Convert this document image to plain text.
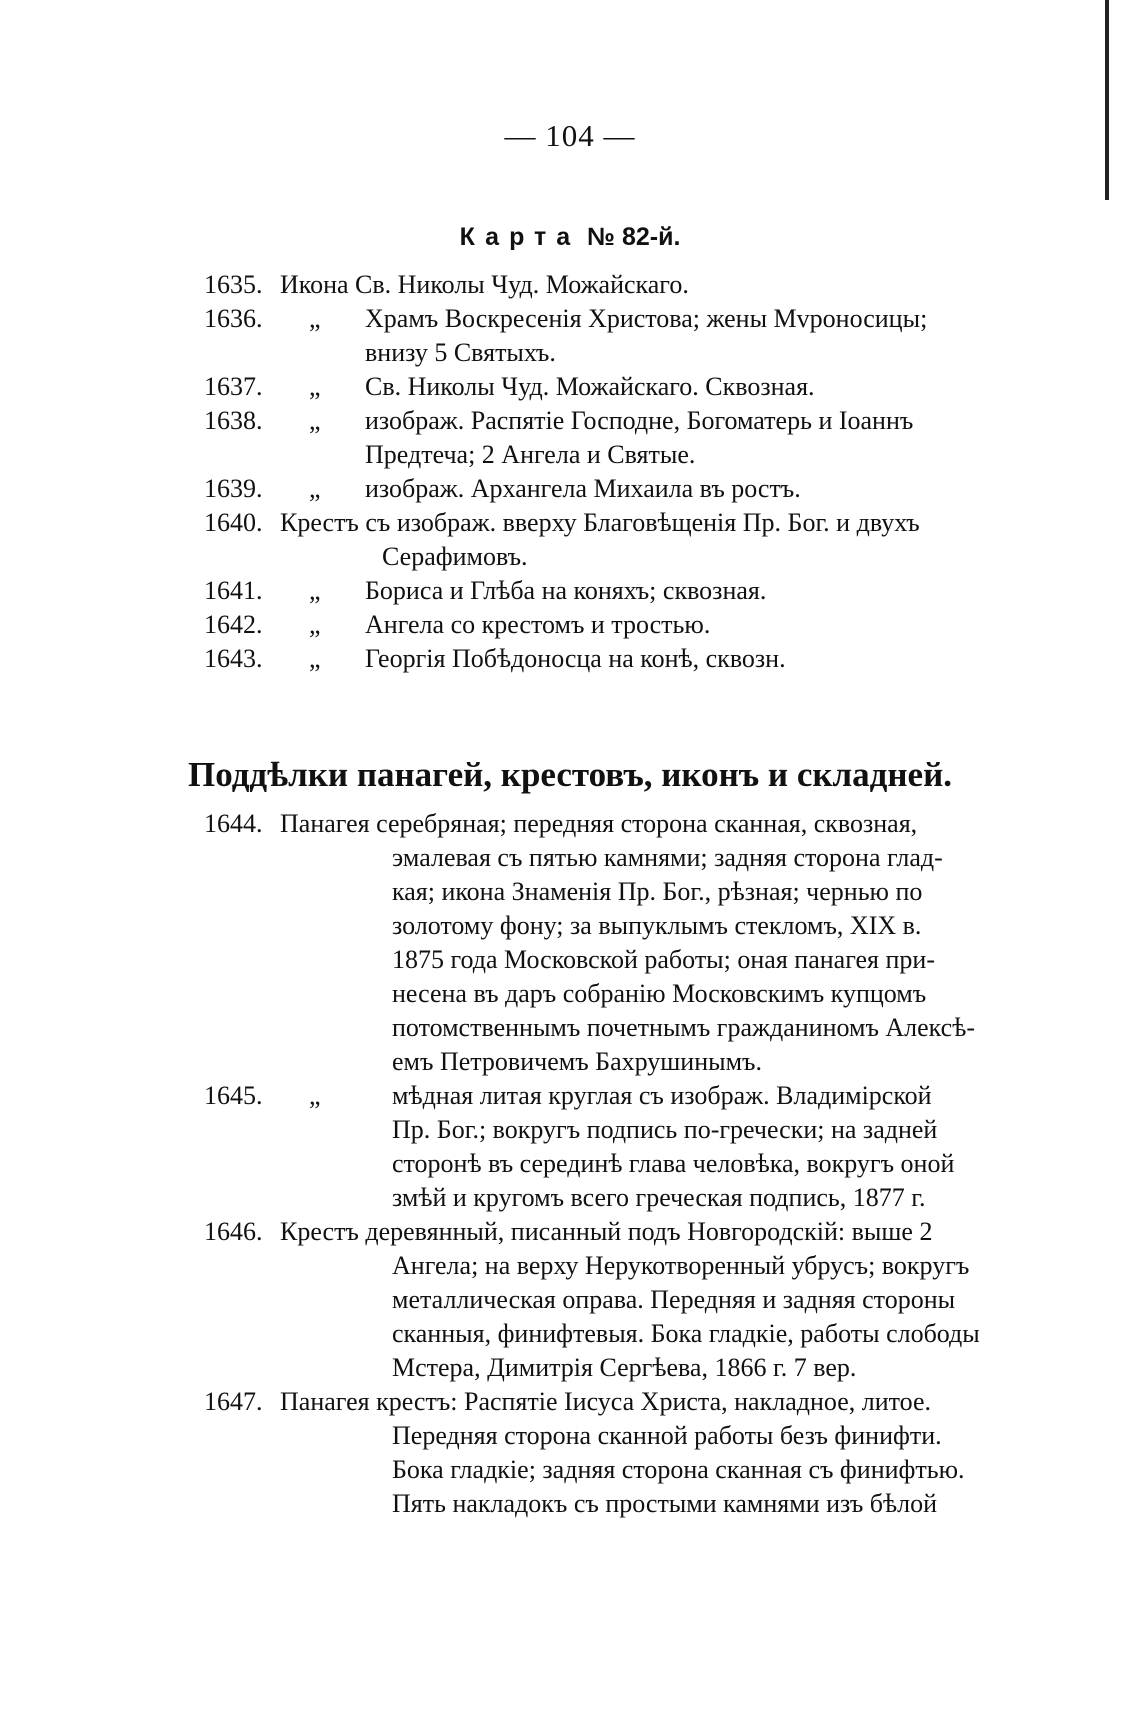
— 104 —
Карта № 82-й.
1635. Икона Св. Николы Чуд. Можайскаго.
1636. „ Храмъ Воскресенія Христова; жены Мvроносицы;
внизу 5 Святыхъ.
1637. „ Св. Николы Чуд. Можайскаго. Сквозная.
1638. „ изображ. Распятіе Господне, Богоматерь и Іоаннъ
Предтеча; 2 Ангела и Святые.
1639. „ изображ. Архангела Михаила въ ростъ.
1640. Крестъ съ изображ. вверху Благовѣщенія Пр. Бог. и двухъ
Серафимовъ.
1641. „ Бориса и Глѣба на коняхъ; сквозная.
1642. „ Ангела со крестомъ и тростью.
1643. „ Георгія Побѣдоносца на конѣ, сквозн.
Поддѣлки панагей, крестовъ, иконъ и складней.
1644. Панагея серебряная; передняя сторона сканная, сквозная,
эмалевая съ пятью камнями; задняя сторона глад-
кая; икона Знаменія Пр. Бог., рѣзная; чернью по
золотому фону; за выпуклымъ стекломъ, XIX в.
1875 года Московской работы; оная панагея при-
несена въ даръ собранію Московскимъ купцомъ
потомственнымъ почетнымъ гражданиномъ Алексѣ-
емъ Петровичемъ Бахрушинымъ.
1645. „	мѣдная литая круглая съ изображ. Владимірской
Пр. Бог.; вокругъ подпись по-гречески; на задней
сторонѣ въ серединѣ глава человѣка, вокругъ оной
змѣй и кругомъ всего греческая подпись, 1877 г.
1646. Крестъ деревянный, писанный подъ Новгородскій: выше 2
Ангела; на верху Нерукотворенный убрусъ; вокругъ
металлическая оправа. Передняя и задняя стороны
сканныя, финифтевыя. Бока гладкіе, работы слободы
Мстера, Димитрія Сергѣева, 1866 г. 7 вер.
1647. Панагея крестъ: Распятіе Іисуса Христа, накладное, литое.
Передняя сторона сканной работы безъ финифти.
Бока гладкіе; задняя сторона сканная съ финифтью.
Пять накладокъ съ простыми камнями изъ бѣлой
